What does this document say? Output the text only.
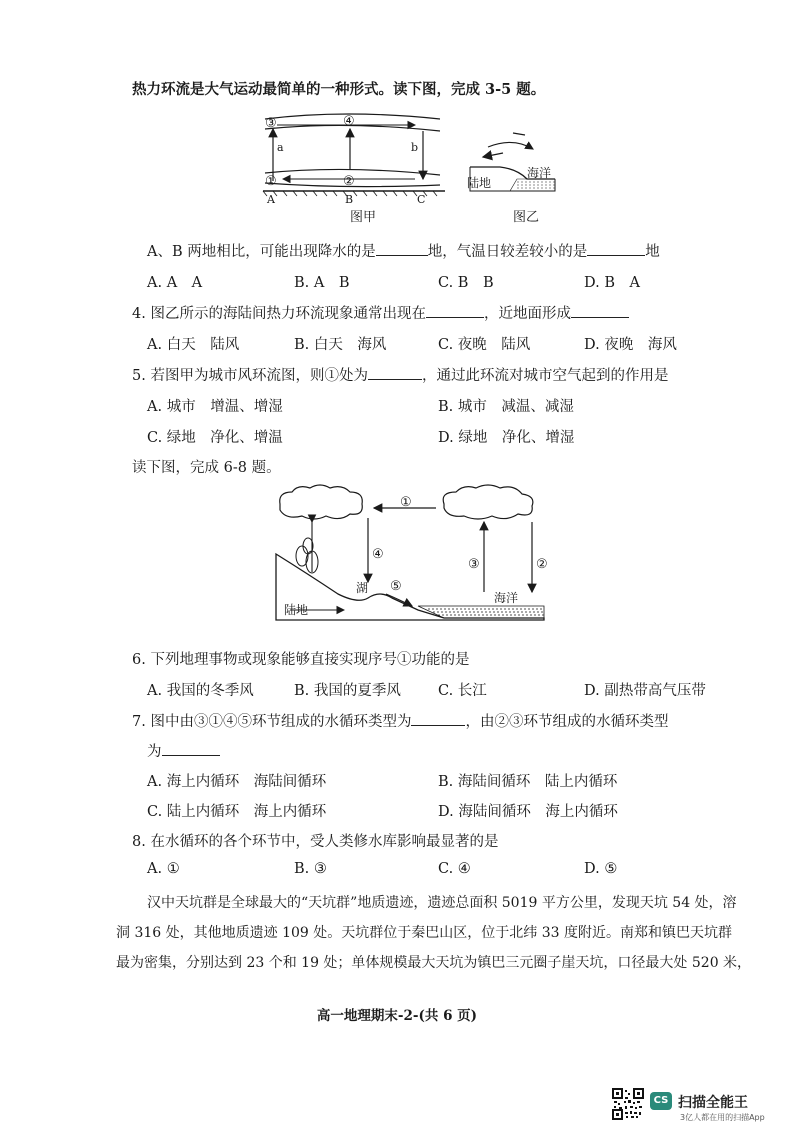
热力环流是大气运动最简单的一种形式。读下图，完成 3-5 题。
③	④
①	②
a	b
A	B	C
图甲
陆地
海洋
图乙
A、B 两地相比，可能出现降水的是	地，气温日较差较小的是	地
A. A　A	B. A　B	C. B　B	D. B　A
4. 图乙所示的海陆间热力环流现象通常出现在	，近地面形成
A. 白天　陆风	B. 白天　海风	C. 夜晚　陆风	D. 夜晚　海风
5. 若图甲为城市风环流图，则①处为	，通过此环流对城市空气起到的作用是
A. 城市　增温、增湿	B. 城市　减温、减湿
C. 绿地　净化、增温	D. 绿地　净化、增湿
读下图，完成 6-8 题。
①
④
湖 ⑤
陆地
③	②
海洋
6. 下列地理事物或现象能够直接实现序号①功能的是
A. 我国的冬季风	B. 我国的夏季风	C. 长江	D. 副热带高气压带
7. 图中由③①④⑤环节组成的水循环类型为	，由②③环节组成的水循环类型
为
A. 海上内循环　海陆间循环	B. 海陆间循环　陆上内循环
C. 陆上内循环　海上内循环	D. 海陆间循环　海上内循环
8. 在水循环的各个环节中，受人类修水库影响最显著的是
A. ①	B. ③	C. ④	D. ⑤
汉中天坑群是全球最大的“天坑群”地质遗迹，遗迹总面积 5019 平方公里，发现天坑 54 处，溶
洞 316 处，其他地质遗迹 109 处。天坑群位于秦巴山区，位于北纬 33 度附近。南郑和镇巴天坑群
最为密集，分别达到 23 个和 19 处；单体规模最大天坑为镇巴三元圈子崖天坑，口径最大处 520 米，
高一地理期末-2-(共 6 页)
CS 扫描全能王
3亿人都在用的扫描App
